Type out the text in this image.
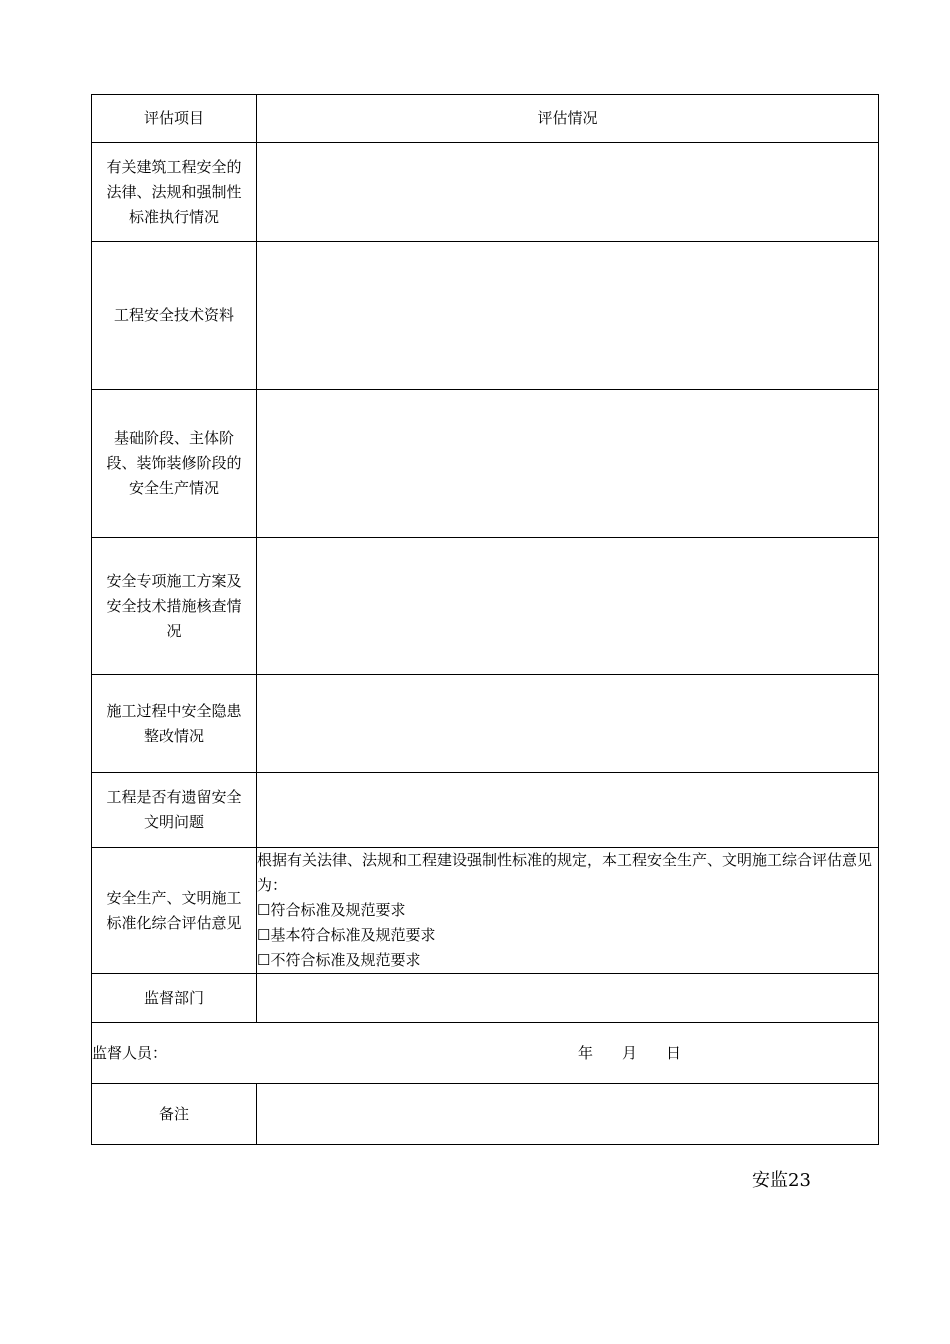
评估项目	评估情况
有关建筑工程安全的法律、法规和强制性标准执行情况	
工程安全技术资料	
基础阶段、主体阶段、装饰装修阶段的安全生产情况	
安全专项施工方案及安全技术措施核查情况	
施工过程中安全隐患整改情况	
工程是否有遗留安全文明问题	
安全生产、文明施工标准化综合评估意见	根据有关法律、法规和工程建设强制性标准的规定，本工程安全生产、文明施工综合评估意见为：
☐符合标准及规范要求
☐基本符合标准及规范要求
☐不符合标准及规范要求

监督部门	

监督人员： 年 月 日	

备注	
安监23
